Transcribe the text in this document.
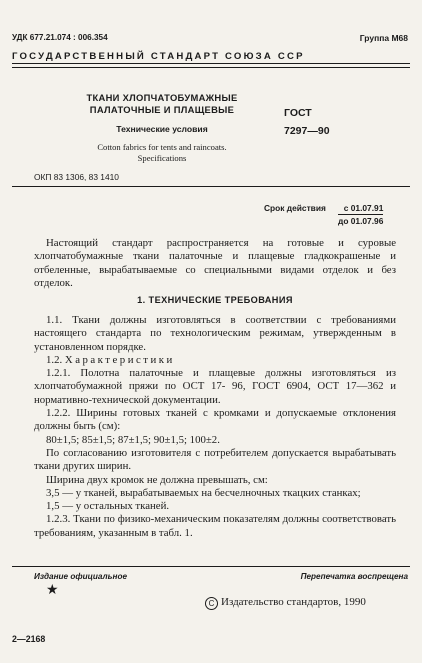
УДК 677.21.074 : 006.354	Группа М68
ГОСУДАРСТВЕННЫЙ СТАНДАРТ СОЮЗА ССР
ТКАНИ ХЛОПЧАТОБУМАЖНЫЕ
ПАЛАТОЧНЫЕ И ПЛАЩЕВЫЕ
Технические условия
Cotton fabrics for tents and raincoats.
Specifications
ГОСТ
7297—90
ОКП 83 1306, 83 1410
Срок действия	с 01.07.91
до 01.07.96
Настоящий стандарт распространяется на готовые и суровые хлопчатобумажные ткани палаточные и плащевые гладкокрашеные и отбеленные, вырабатываемые со специальными видами отделок и без отделок.
1. ТЕХНИЧЕСКИЕ ТРЕБОВАНИЯ

1.1. Ткани должны изготовляться в соответствии с требованиями настоящего стандарта по технологическим режимам, утвержденным в установленном порядке.

1.2. Характеристики

1.2.1. Полотна палаточные и плащевые должны изготовляться из хлопчатобумажной пряжи по ОСТ 17- 96, ГОСТ 6904, ОСТ 17—362 и нормативно-технической документации.

1.2.2. Ширины готовых тканей с кромками и допускаемые отклонения должны быть (см):

80±1,5; 85±1,5; 87±1,5; 90±1,5; 100±2.

По согласованию изготовителя с потребителем допускается вырабатывать ткани других ширин.

Ширина двух кромок не должна превышать, см:

3,5 — у тканей, вырабатываемых на бесчелночных ткацких станках;

1,5 — у остальных тканей.

1.2.3. Ткани по физико-механическим показателям должны соответствовать требованиям, указанным в табл. 1.

Издание официальное
★
Перепечатка воспрещена
C Издательство стандартов, 1990
2—2168
